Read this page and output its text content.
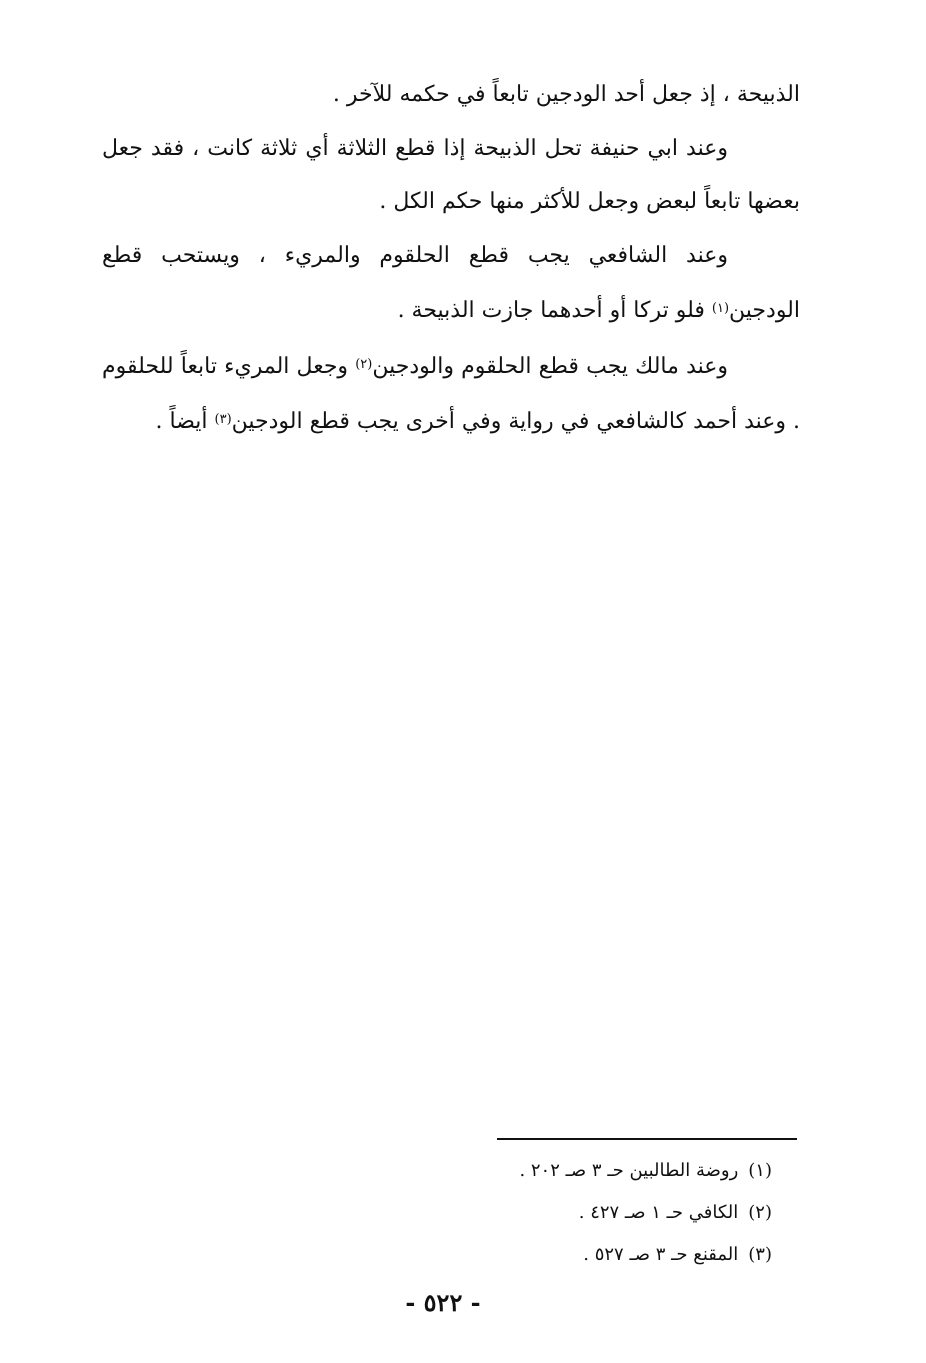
الذبيحة ، إذ جعل أحد الودجين تابعاً في حكمه للآخر .

وعند ابي حنيفة تحل الذبيحة إذا قطع الثلاثة أي ثلاثة كانت ، فقد جعل بعضها تابعاً لبعض وجعل للأكثر منها حكم الكل .

وعند الشافعي يجب قطع الحلقوم والمريء ، ويستحب قطع الودجين$^{(١)}$ فلو تركا أو أحدهما جازت الذبيحة .

وعند مالك يجب قطع الحلقوم والودجين$^{(٢)}$ وجعل المريء تابعاً للحلقوم . وعند أحمد كالشافعي في رواية وفي أخرى يجب قطع الودجين$^{(٣)}$ أيضاً .

(١)روضة الطالبين حـ ٣ صـ ٢٠٢ .
(٢)الكافي حـ ١ صـ ٤٢٧ .
(٣)المقنع حـ ٣ صـ ٥٢٧ .
- ٥٢٢ -
